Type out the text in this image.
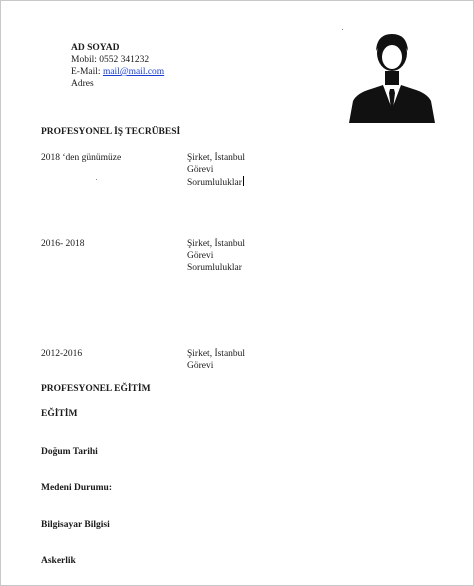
AD SOYAD
Mobil: 0552 341232
E-Mail: mail@mail.com
Adres
PROFESYONEL İŞ TECRÜBESİ
2018 ‘den günümüze	Şirket, İstanbul
Görevi
Sorumluluklar
2016- 2018	Şirket, İstanbul
Görevi
Sorumluluklar
2012-2016	Şirket, İstanbul
Görevi
PROFESYONEL EĞİTİM
EĞİTİM
Doğum Tarihi
Medeni Durumu:
Bilgisayar Bilgisi
Askerlik
